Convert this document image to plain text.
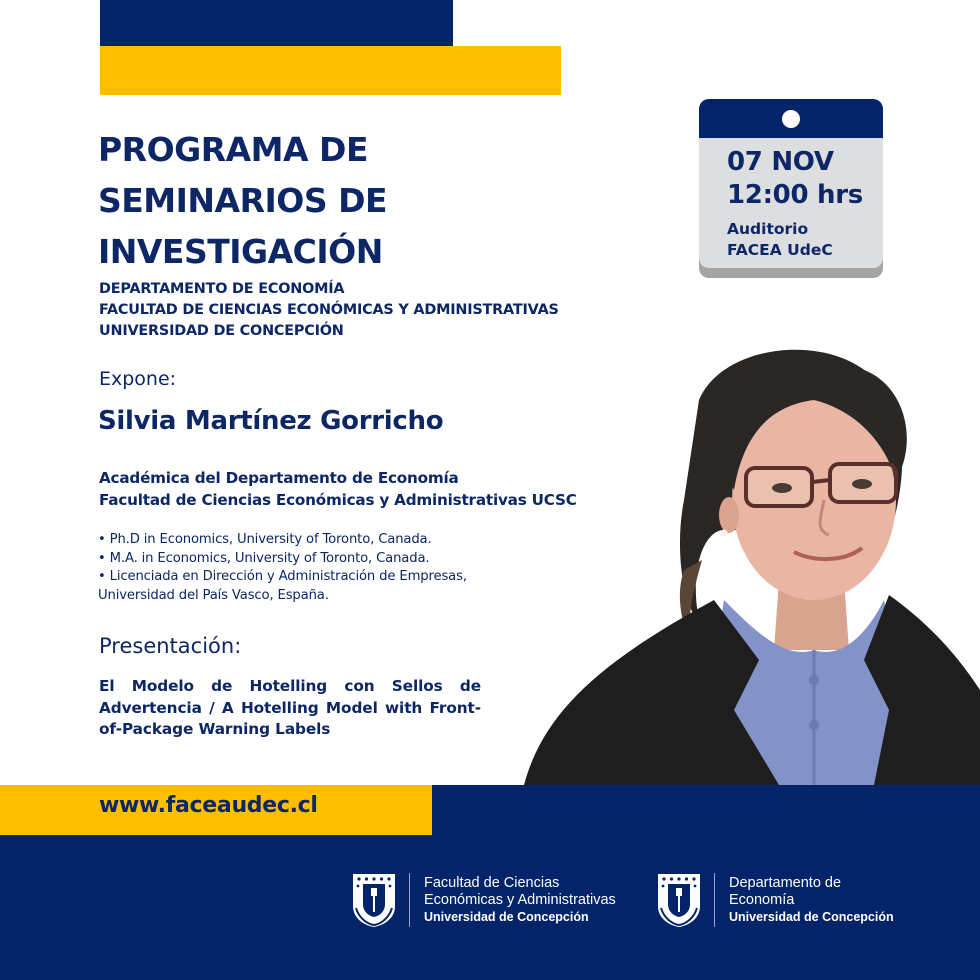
PROGRAMA DE
SEMINARIOS DE
INVESTIGACIÓN
DEPARTAMENTO DE ECONOMÍA
FACULTAD DE CIENCIAS ECONÓMICAS Y ADMINISTRATIVAS
UNIVERSIDAD DE CONCEPCIÓN
07 NOV
12:00 hrs
Auditorio
FACEA UdeC
Expone:
Silvia Martínez Gorricho
Académica del Departamento de Economía
Facultad de Ciencias Económicas y Administrativas UCSC
• Ph.D in Economics, University of Toronto, Canada.
• M.A. in Economics, University of Toronto, Canada.
• Licenciada en Dirección y Administración de Empresas,
Universidad del País Vasco, España.
Presentación:
El Modelo de Hotelling con Sellos de Advertencia / A Hotelling Model with Front-of-Package Warning Labels
www.faceaudec.cl
Facultad de Ciencias
Económicas y Administrativas
Universidad de Concepción
Departamento de
Economía
Universidad de Concepción
